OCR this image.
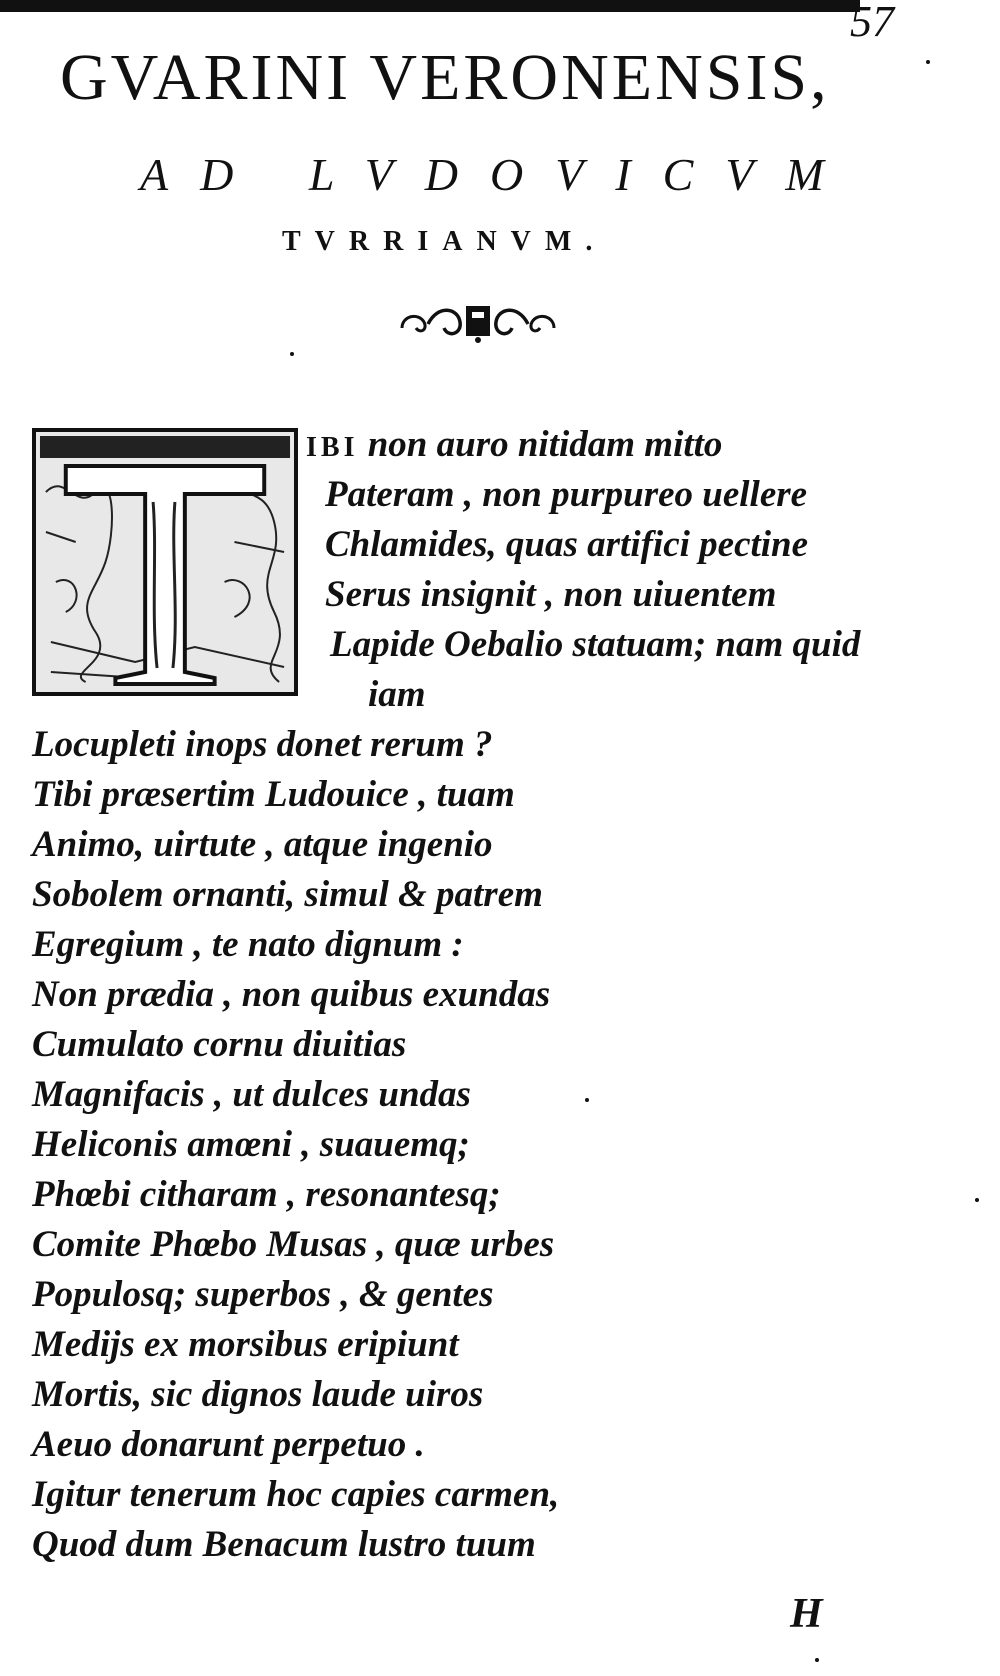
57
GVARINI VERONENSIS,
AD LVDOVICVM
TVRRIANVM.
IBI non auro nitidam mitto
Pateram , non purpureo uellere
Chlamides, quas artifici pectine
Serus insignit , non uiuentem
Lapide Oebalio statuam; nam quid
iam
Locupleti inops donet rerum ?
Tibi præsertim Ludouice , tuam
Animo, uirtute , atque ingenio
Sobolem ornanti, simul & patrem
Egregium , te nato dignum :
Non prædia , non quibus exundas
Cumulato cornu diuitias
Magnifacis , ut dulces undas
Heliconis amœni , suauemq;
Phœbi citharam , resonantesq;
Comite Phœbo Musas , quæ urbes
Populosq; superbos , & gentes
Medijs ex morsibus eripiunt
Mortis, sic dignos laude uiros
Aeuo donarunt perpetuo .
Igitur tenerum hoc capies carmen,
Quod dum Benacum lustro tuum
H
